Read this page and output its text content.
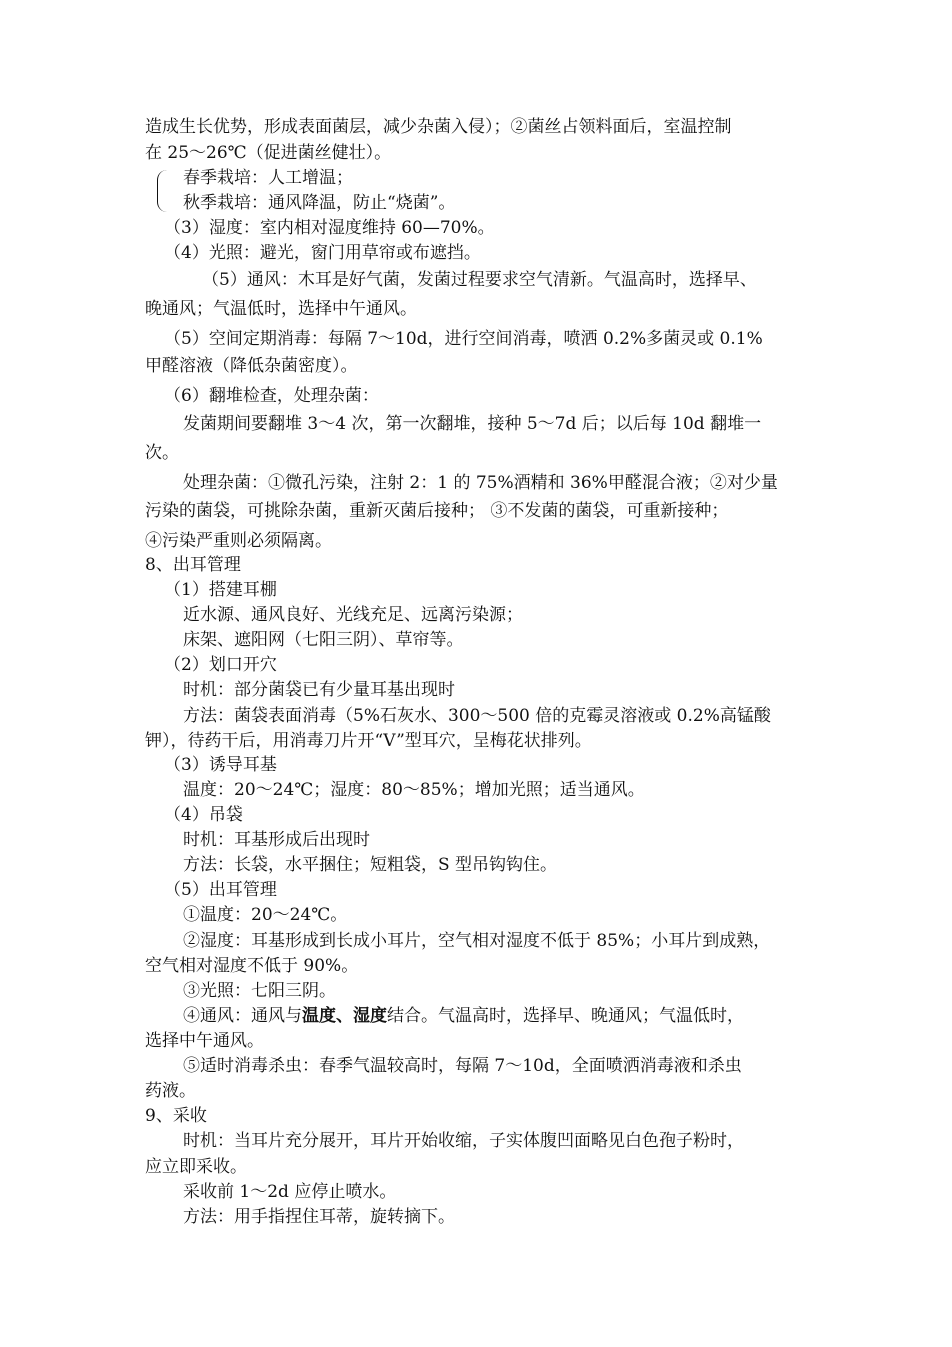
造成生长优势，形成表面菌层，减少杂菌入侵）；②菌丝占领料面后，室温控制
在 25～26℃（促进菌丝健壮）。
春季栽培：人工增温；
秋季栽培：通风降温，防止“烧菌”。
（3）湿度：室内相对湿度维持 60—70%。
（4）光照：避光，窗门用草帘或布遮挡。
（5）通风：木耳是好气菌，发菌过程要求空气清新。气温高时，选择早、
晚通风；气温低时，选择中午通风。
（5）空间定期消毒：每隔 7～10d，进行空间消毒，喷洒 0.2%多菌灵或 0.1%
甲醛溶液（降低杂菌密度）。
（6）翻堆检查，处理杂菌：
发菌期间要翻堆 3～4 次，第一次翻堆，接种 5～7d 后；以后每 10d 翻堆一
次。
处理杂菌：①微孔污染，注射 2：1 的 75%酒精和 36%甲醛混合液；②对少量
污染的菌袋，可挑除杂菌，重新灭菌后接种； ③不发菌的菌袋，可重新接种；
④污染严重则必须隔离。
8、出耳管理
（1）搭建耳棚
近水源、通风良好、光线充足、远离污染源；
床架、遮阳网（七阳三阴）、草帘等。
（2）划口开穴
时机：部分菌袋已有少量耳基出现时
方法：菌袋表面消毒（5%石灰水、300～500 倍的克霉灵溶液或 0.2%高锰酸
钾），待药干后，用消毒刀片开“V”型耳穴，呈梅花状排列。
（3）诱导耳基
温度：20～24℃；湿度：80～85%；增加光照；适当通风。
（4）吊袋
时机：耳基形成后出现时
方法：长袋，水平捆住；短粗袋，S 型吊钩钩住。
（5）出耳管理
①温度：20～24℃。
②湿度：耳基形成到长成小耳片，空气相对湿度不低于 85%；小耳片到成熟，
空气相对湿度不低于 90%。
③光照：七阳三阴。
④通风：通风与温度、湿度结合。气温高时，选择早、晚通风；气温低时，
选择中午通风。
⑤适时消毒杀虫：春季气温较高时，每隔 7～10d，全面喷洒消毒液和杀虫
药液。
9、采收
时机：当耳片充分展开，耳片开始收缩，子实体腹凹面略见白色孢子粉时，
应立即采收。
采收前 1～2d 应停止喷水。
方法：用手指捏住耳蒂，旋转摘下。
